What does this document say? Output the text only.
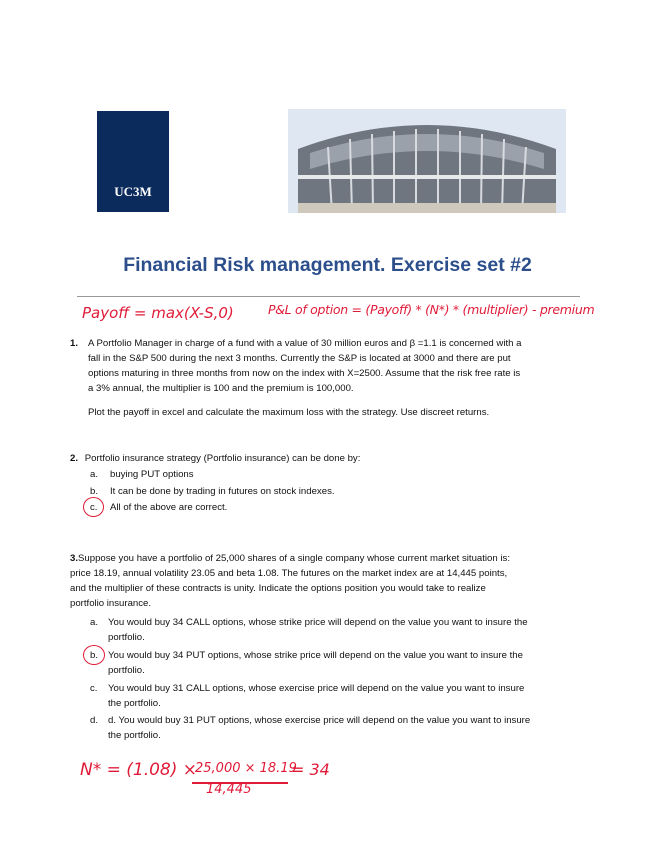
UC3M
Financial Risk management. Exercise set #2
Payoff = max(X-S,0)	P&L of option = (Payoff) * (N*) * (multiplier) - premium
1. A Portfolio Manager in charge of a fund with a value of 30 million euros and β =1.1 is concerned with a

fall in the S&P 500 during the next 3 months. Currently the S&P is located at 3000 and there are put

options maturing in three months from now on the index with X=2500. Assume that the risk free rate is

a 3% annual, the multiplier is 100 and the premium is 100,000.

Plot the payoff in excel and calculate the maximum loss with the strategy. Use discreet returns.
2. Portfolio insurance strategy (Portfolio insurance) can be done by:
a. buying PUT options
b. It can be done by trading in futures on stock indexes.
c. All of the above are correct.

3.Suppose you have a portfolio of 25,000 shares of a single company whose current market situation is:

price 18.19, annual volatility 23.05 and beta 1.08. The futures on the market index are at 14,445 points,

and the multiplier of these contracts is unity. Indicate the options position you would take to realize

portfolio insurance.

a. You would buy 34 CALL options, whose strike price will depend on the value you want to insure the

portfolio.

b. You would buy 34 PUT options, whose strike price will depend on the value you want to insure the

portfolio.

c. You would buy 31 CALL options, whose exercise price will depend on the value you want to insure

the portfolio.

d. d. You would buy 31 PUT options, whose exercise price will depend on the value you want to insure

the portfolio.

N* = (1.08) ×
25,000 × 18.19
14,445
= 34
